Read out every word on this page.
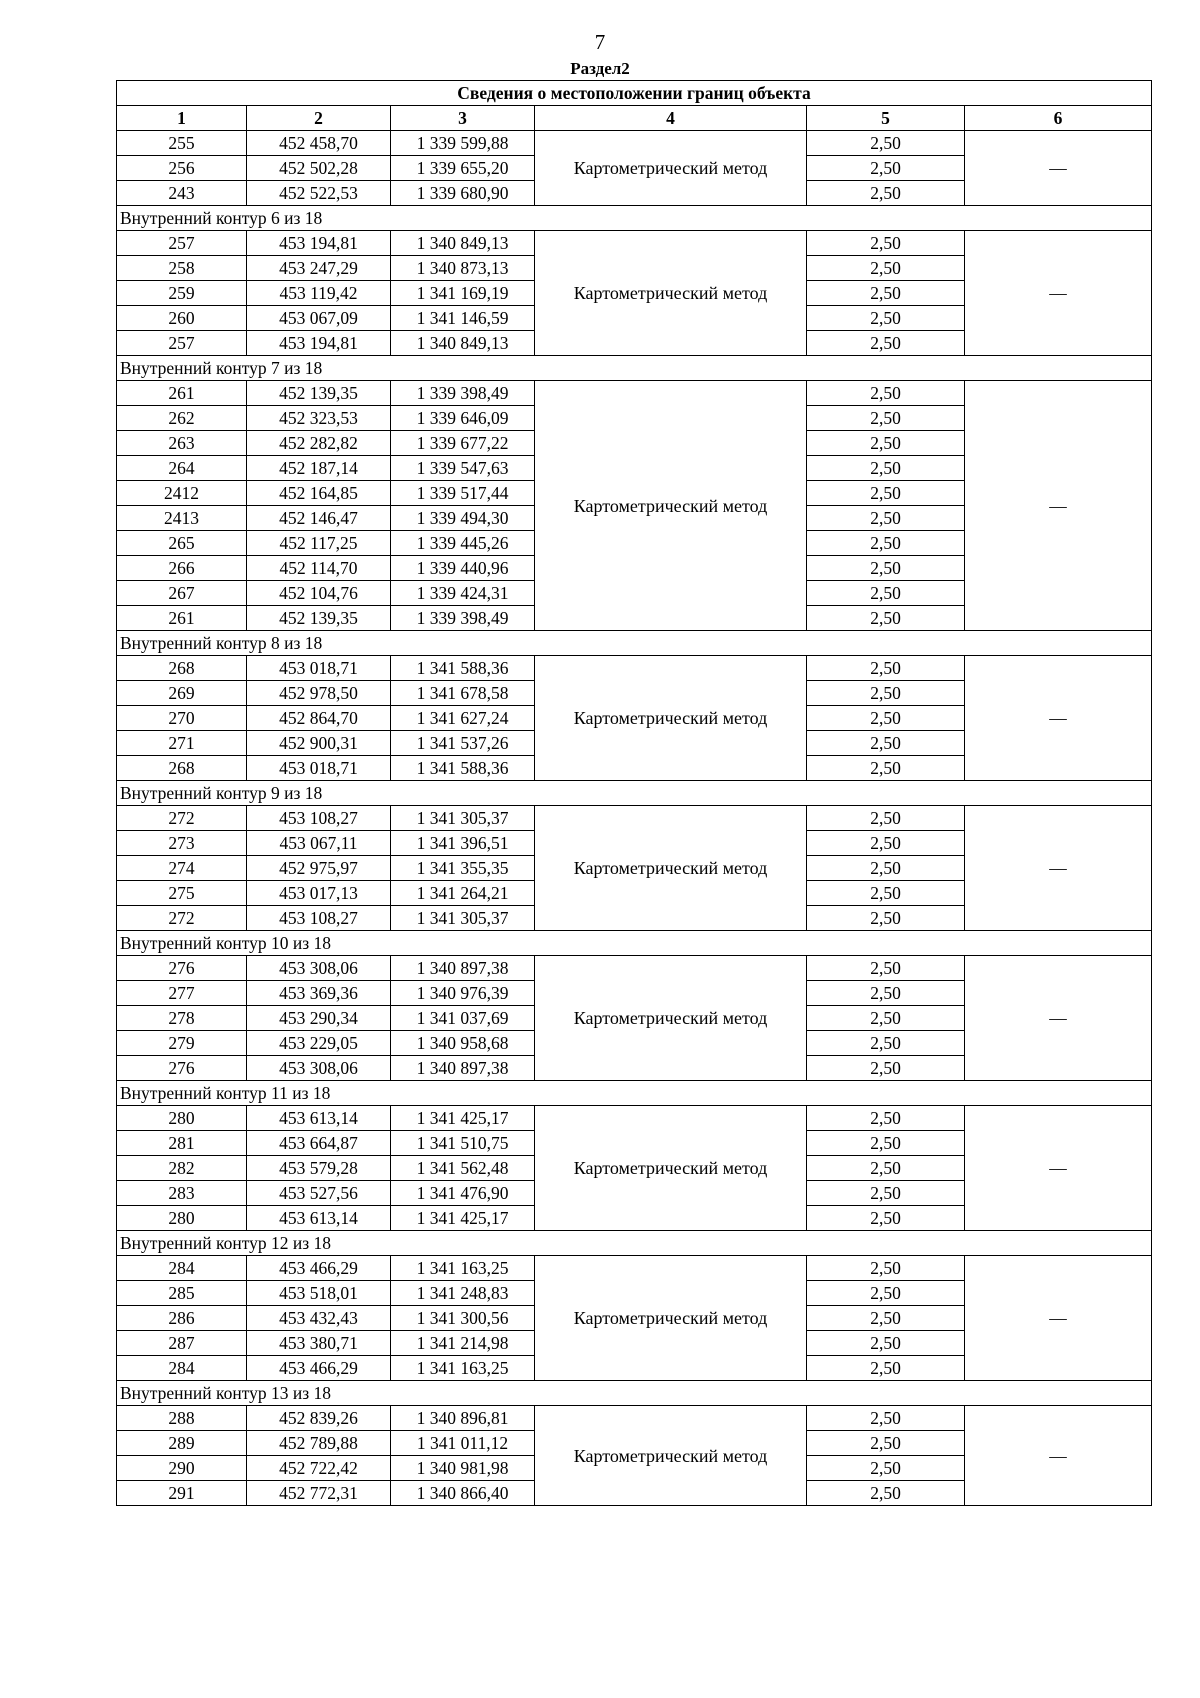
7
Раздел2
Сведения о местоположении границ объекта					
1	2	3	4	5	6
255	452 458,70	1 339 599,88	Картометрический метод	2,50	—
256	452 502,28	1 339 655,20		2,50	
243	452 522,53	1 339 680,90		2,50	
Внутренний контур 6 из 18					
257	453 194,81	1 340 849,13	Картометрический метод	2,50	—
258	453 247,29	1 340 873,13		2,50	
259	453 119,42	1 341 169,19		2,50	
260	453 067,09	1 341 146,59		2,50	
257	453 194,81	1 340 849,13		2,50	
Внутренний контур 7 из 18					
261	452 139,35	1 339 398,49	Картометрический метод	2,50	—
262	452 323,53	1 339 646,09		2,50	
263	452 282,82	1 339 677,22		2,50	
264	452 187,14	1 339 547,63		2,50	
2412	452 164,85	1 339 517,44		2,50	
2413	452 146,47	1 339 494,30		2,50	
265	452 117,25	1 339 445,26		2,50	
266	452 114,70	1 339 440,96		2,50	
267	452 104,76	1 339 424,31		2,50	
261	452 139,35	1 339 398,49		2,50	
Внутренний контур 8 из 18					
268	453 018,71	1 341 588,36	Картометрический метод	2,50	—
269	452 978,50	1 341 678,58		2,50	
270	452 864,70	1 341 627,24		2,50	
271	452 900,31	1 341 537,26		2,50	
268	453 018,71	1 341 588,36		2,50	
Внутренний контур 9 из 18					
272	453 108,27	1 341 305,37	Картометрический метод	2,50	—
273	453 067,11	1 341 396,51		2,50	
274	452 975,97	1 341 355,35		2,50	
275	453 017,13	1 341 264,21		2,50	
272	453 108,27	1 341 305,37		2,50	
Внутренний контур 10 из 18					
276	453 308,06	1 340 897,38	Картометрический метод	2,50	—
277	453 369,36	1 340 976,39		2,50	
278	453 290,34	1 341 037,69		2,50	
279	453 229,05	1 340 958,68		2,50	
276	453 308,06	1 340 897,38		2,50	
Внутренний контур 11 из 18					
280	453 613,14	1 341 425,17	Картометрический метод	2,50	—
281	453 664,87	1 341 510,75		2,50	
282	453 579,28	1 341 562,48		2,50	
283	453 527,56	1 341 476,90		2,50	
280	453 613,14	1 341 425,17		2,50	
Внутренний контур 12 из 18					
284	453 466,29	1 341 163,25	Картометрический метод	2,50	—
285	453 518,01	1 341 248,83		2,50	
286	453 432,43	1 341 300,56		2,50	
287	453 380,71	1 341 214,98		2,50	
284	453 466,29	1 341 163,25		2,50	
Внутренний контур 13 из 18					
288	452 839,26	1 340 896,81	Картометрический метод	2,50	—
289	452 789,88	1 341 011,12		2,50	
290	452 722,42	1 340 981,98		2,50	
291	452 772,31	1 340 866,40		2,50	
